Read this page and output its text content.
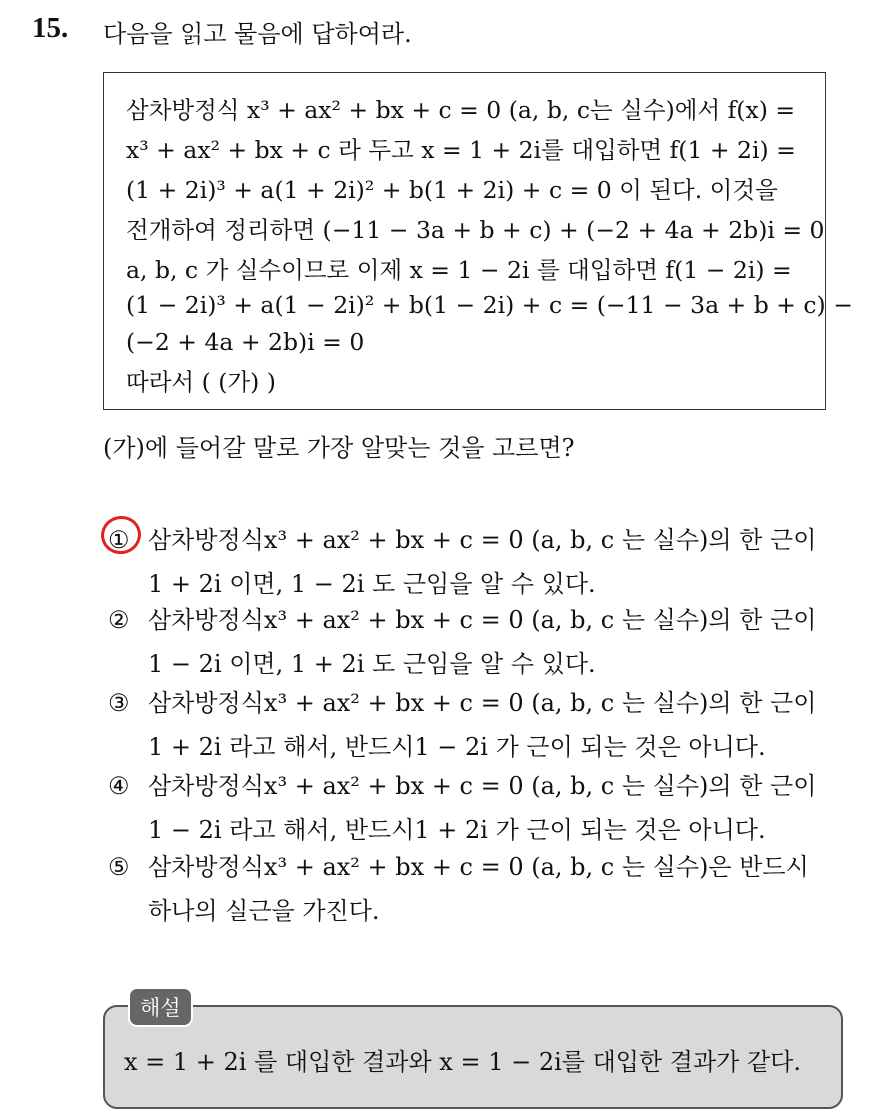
15. 다음을 읽고 물음에 답하여라.
삼차방정식 x³ + ax² + bx + c = 0 (a, b, c는 실수)에서 f(x) =
x³ + ax² + bx + c 라 두고 x = 1 + 2i를 대입하면 f(1 + 2i) =
(1 + 2i)³ + a(1 + 2i)² + b(1 + 2i) + c = 0 이 된다. 이것을
전개하여 정리하면 (−11 − 3a + b + c) + (−2 + 4a + 2b)i = 0
a, b, c 가 실수이므로 이제 x = 1 − 2i 를 대입하면 f(1 − 2i) =
(1 − 2i)³ + a(1 − 2i)² + b(1 − 2i) + c = (−11 − 3a + b + c) −
(−2 + 4a + 2b)i = 0
따라서 ( (가) )
(가)에 들어갈 말로 가장 알맞는 것을 고르면?
① 삼차방정식x³ + ax² + bx + c = 0 (a, b, c 는 실수)의 한 근이
1 + 2i 이면, 1 − 2i 도 근임을 알 수 있다.
② 삼차방정식x³ + ax² + bx + c = 0 (a, b, c 는 실수)의 한 근이
1 − 2i 이면, 1 + 2i 도 근임을 알 수 있다.
③ 삼차방정식x³ + ax² + bx + c = 0 (a, b, c 는 실수)의 한 근이
1 + 2i 라고 해서, 반드시1 − 2i 가 근이 되는 것은 아니다.
④ 삼차방정식x³ + ax² + bx + c = 0 (a, b, c 는 실수)의 한 근이
1 − 2i 라고 해서, 반드시1 + 2i 가 근이 되는 것은 아니다.
⑤ 삼차방정식x³ + ax² + bx + c = 0 (a, b, c 는 실수)은 반드시
하나의 실근을 가진다.
해설
x = 1 + 2i 를 대입한 결과와 x = 1 − 2i를 대입한 결과가 같다.
